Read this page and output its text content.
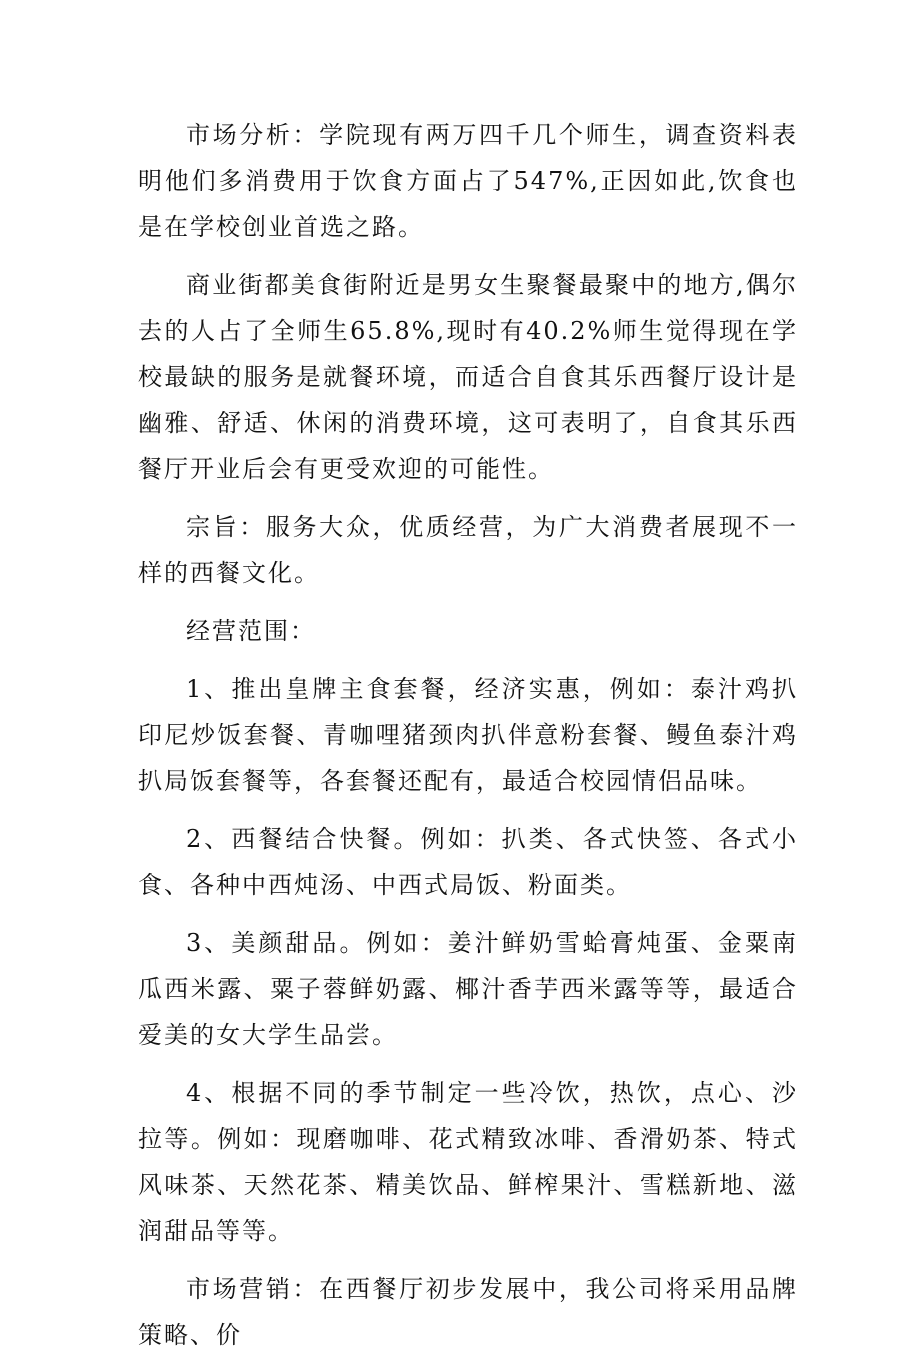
市场分析：学院现有两万四千几个师生，调查资料表明他们多消费用于饮食方面占了547%,正因如此,饮食也是在学校创业首选之路。

商业街都美食街附近是男女生聚餐最聚中的地方,偶尔去的人占了全师生65.8%,现时有40.2%师生觉得现在学校最缺的服务是就餐环境，而适合自食其乐西餐厅设计是幽雅、舒适、休闲的消费环境，这可表明了，自食其乐西餐厅开业后会有更受欢迎的可能性。

宗旨：服务大众，优质经营，为广大消费者展现不一样的西餐文化。

经营范围：

1、推出皇牌主食套餐，经济实惠，例如：泰汁鸡扒印尼炒饭套餐、青咖哩猪颈肉扒伴意粉套餐、鳗鱼泰汁鸡扒局饭套餐等，各套餐还配有，最适合校园情侣品味。

2、西餐结合快餐。例如：扒类、各式快签、各式小食、各种中西炖汤、中西式局饭、粉面类。

3、美颜甜品。例如：姜汁鲜奶雪蛤膏炖蛋、金粟南瓜西米露、粟子蓉鲜奶露、椰汁香芋西米露等等，最适合爱美的女大学生品尝。

4、根据不同的季节制定一些冷饮，热饮，点心、沙拉等。例如：现磨咖啡、花式精致冰啡、香滑奶茶、特式风味茶、天然花茶、精美饮品、鲜榨果汁、雪糕新地、滋润甜品等等。

市场营销：在西餐厅初步发展中，我公司将采用品牌策略、价
